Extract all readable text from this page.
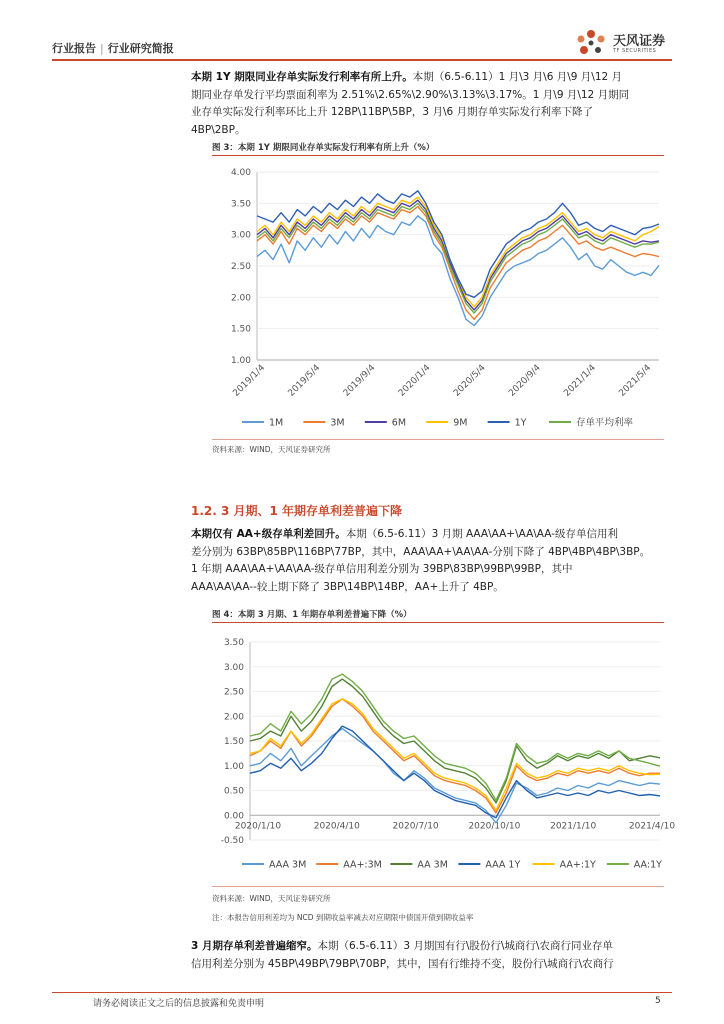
行业报告 | 行业研究简报	天风证券
TF SECURITIES
本期 1Y 期限同业存单实际发行利率有所上升。本期（6.5-6.11）1 月\3 月\6 月\9 月\12 月
期同业存单发行平均票面利率为 2.51%\2.65%\2.90%\3.13%\3.17%。1 月\9 月\12 月期同
业存单实际发行利率环比上升 12BP\11BP\5BP，3 月\6 月期存单实际发行利率下降了
4BP\2BP。
图 3：本期 1Y 期限同业存单实际发行利率有所上升（%）
4.00
3.50
3.00
2.50
2.00
1.50
1.00
2019/1/4 2019/5/4 2019/9/4 2020/1/4 2020/5/4 2020/9/4 2021/1/4 2021/5/4
1M	3M	6M	9M	1Y	存单平均利率
资料来源：WIND，天风证券研究所
1.2. 3 月期、1 年期存单利差普遍下降
本期仅有 AA+级存单利差回升。本期（6.5-6.11）3 月期 AAA\AA+\AA\AA-级存单信用利
差分别为 63BP\85BP\116BP\77BP，其中，AAA\AA+\AA\AA-分别下降了 4BP\4BP\4BP\3BP。
1 年期 AAA\AA+\AA\AA-级存单信用利差分别为 39BP\83BP\99BP\99BP，其中
AAA\AA\AA--较上期下降了 3BP\14BP\14BP，AA+上升了 4BP。
图 4：本期 3 月期、1 年期存单利差普遍下降（%）
3.50
3.00
2.50
2.00
1.50
1.00
0.50
0.00
-0.50
2020/1/10	2020/4/10	2020/7/10	2020/10/10	2021/1/10	2021/4/10
AAA 3M	AA+:3M	AA 3M	AAA 1Y	AA+:1Y	AA:1Y
资料来源：WIND，天风证券研究所
注：本报告信用利差均为 NCD 到期收益率减去对应期限中债国开债到期收益率
3 月期存单利差普遍缩窄。本期（6.5-6.11）3 月期国有行\股份行\城商行\农商行同业存单
信用利差分别为 45BP\49BP\79BP\70BP，其中，国有行维持不变，股份行\城商行\农商行
请务必阅读正文之后的信息披露和免责申明	5
